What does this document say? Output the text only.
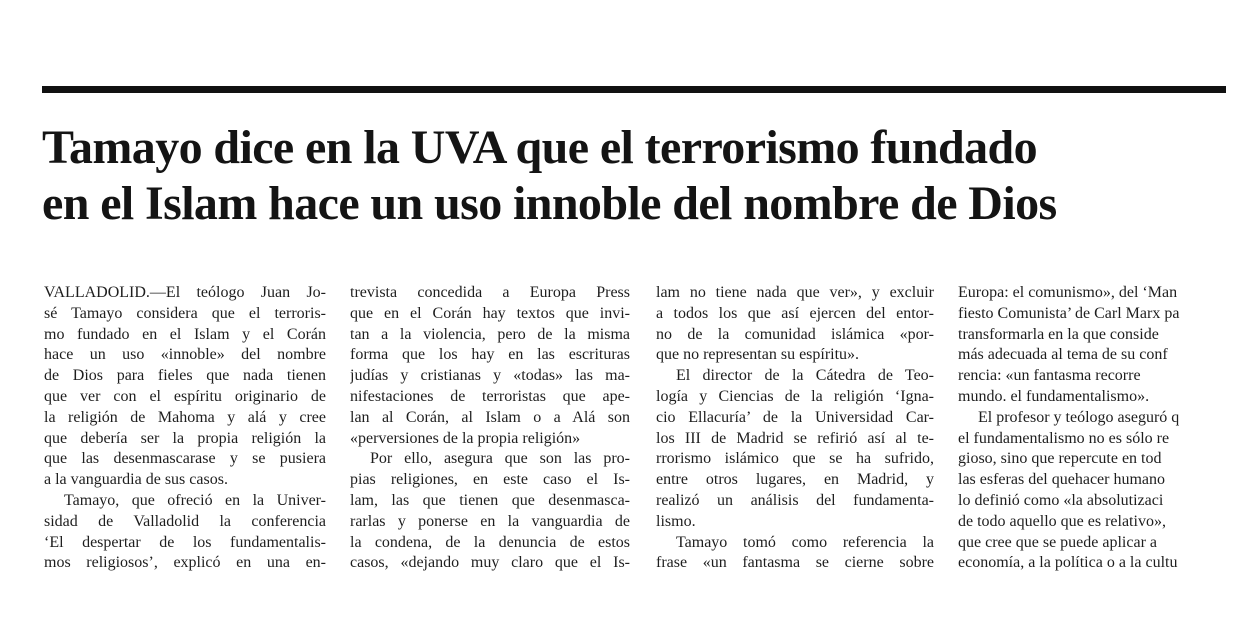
Tamayo dice en la UVA que el terrorismo fundado
en el Islam hace un uso innoble del nombre de Dios
VALLADOLID.—El teólogo Juan Jo-
sé Tamayo considera que el terroris-
mo fundado en el Islam y el Corán
hace un uso «innoble» del nombre
de Dios para fieles que nada tienen
que ver con el espíritu originario de
la religión de Mahoma y alá y cree
que debería ser la propia religión la
que las desenmascarase y se pusiera
a la vanguardia de sus casos.
Tamayo, que ofreció en la Univer-
sidad de Valladolid la conferencia
‘El despertar de los fundamentalis-
mos religiosos’, explicó en una en-
trevista concedida a Europa Press
que en el Corán hay textos que invi-
tan a la violencia, pero de la misma
forma que los hay en las escrituras
judías y cristianas y «todas» las ma-
nifestaciones de terroristas que ape-
lan al Corán, al Islam o a Alá son
«perversiones de la propia religión»
Por ello, asegura que son las pro-
pias religiones, en este caso el Is-
lam, las que tienen que desenmasca-
rarlas y ponerse en la vanguardia de
la condena, de la denuncia de estos
casos, «dejando muy claro que el Is-
lam no tiene nada que ver», y excluir
a todos los que así ejercen del entor-
no de la comunidad islámica «por-
que no representan su espíritu».
El director de la Cátedra de Teo-
logía y Ciencias de la religión ‘Igna-
cio Ellacuría’ de la Universidad Car-
los III de Madrid se refirió así al te-
rrorismo islámico que se ha sufrido,
entre otros lugares, en Madrid, y
realizó un análisis del fundamenta-
lismo.
Tamayo tomó como referencia la
frase «un fantasma se cierne sobre
Europa: el comunismo», del ‘Man
fiesto Comunista’ de Carl Marx pa
transformarla en la que conside
más adecuada al tema de su conf
rencia: «un fantasma recorre
mundo. el fundamentalismo».
El profesor y teólogo aseguró q
el fundamentalismo no es sólo re
gioso, sino que repercute en tod
las esferas del quehacer humano
lo definió como «la absolutizaci
de todo aquello que es relativo»,
que cree que se puede aplicar a
economía, a la política o a la cultu
